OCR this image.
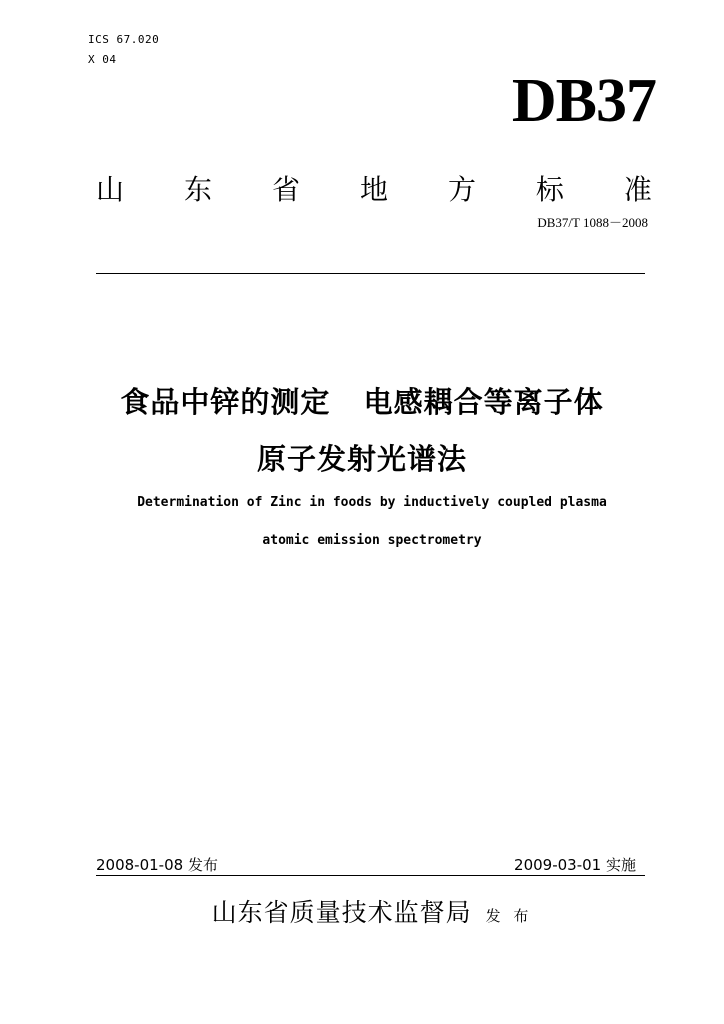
ICS 67.020
X 04
DB37
山 东 省 地 方 标 准
DB37/T 1088－2008
食品中锌的测定   电感耦合等离子体
原子发射光谱法
Determination of Zinc in foods by inductively coupled plasma
atomic emission spectrometry
2008-01-08 发布	2009-03-01 实施
山东省质量技术监督局 发 布
